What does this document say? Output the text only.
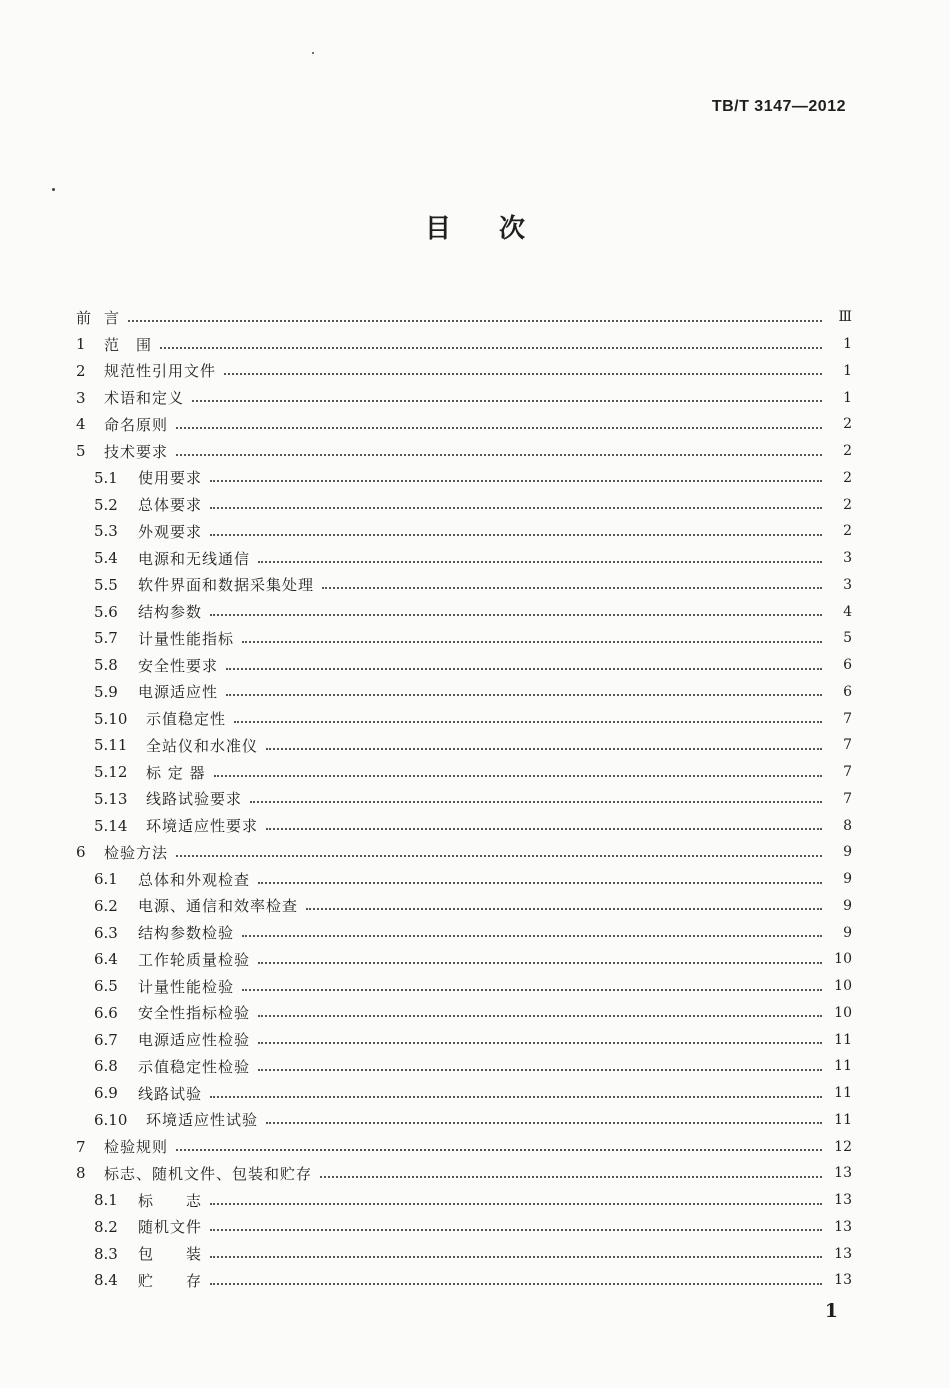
TB/T 3147—2012
目次
前 言	Ⅲ
1	范　围	1
2	规范性引用文件	1
3	术语和定义	1
4	命名原则	2
5	技术要求	2
5.1	使用要求	2
5.2	总体要求	2
5.3	外观要求	2
5.4	电源和无线通信	3
5.5	软件界面和数据采集处理	3
5.6	结构参数	4
5.7	计量性能指标	5
5.8	安全性要求	6
5.9	电源适应性	6
5.10	示值稳定性	7
5.11	全站仪和水准仪	7
5.12	标 定 器	7
5.13	线路试验要求	7
5.14	环境适应性要求	8
6	检验方法	9
6.1	总体和外观检查	9
6.2	电源、通信和效率检查	9
6.3	结构参数检验	9
6.4	工作轮质量检验	10
6.5	计量性能检验	10
6.6	安全性指标检验	10
6.7	电源适应性检验	11
6.8	示值稳定性检验	11
6.9	线路试验	11
6.10	环境适应性试验	11
7	检验规则	12
8	标志、随机文件、包装和贮存	13
8.1	标　　志	13
8.2	随机文件	13
8.3	包　　装	13
8.4	贮　　存	13
1
